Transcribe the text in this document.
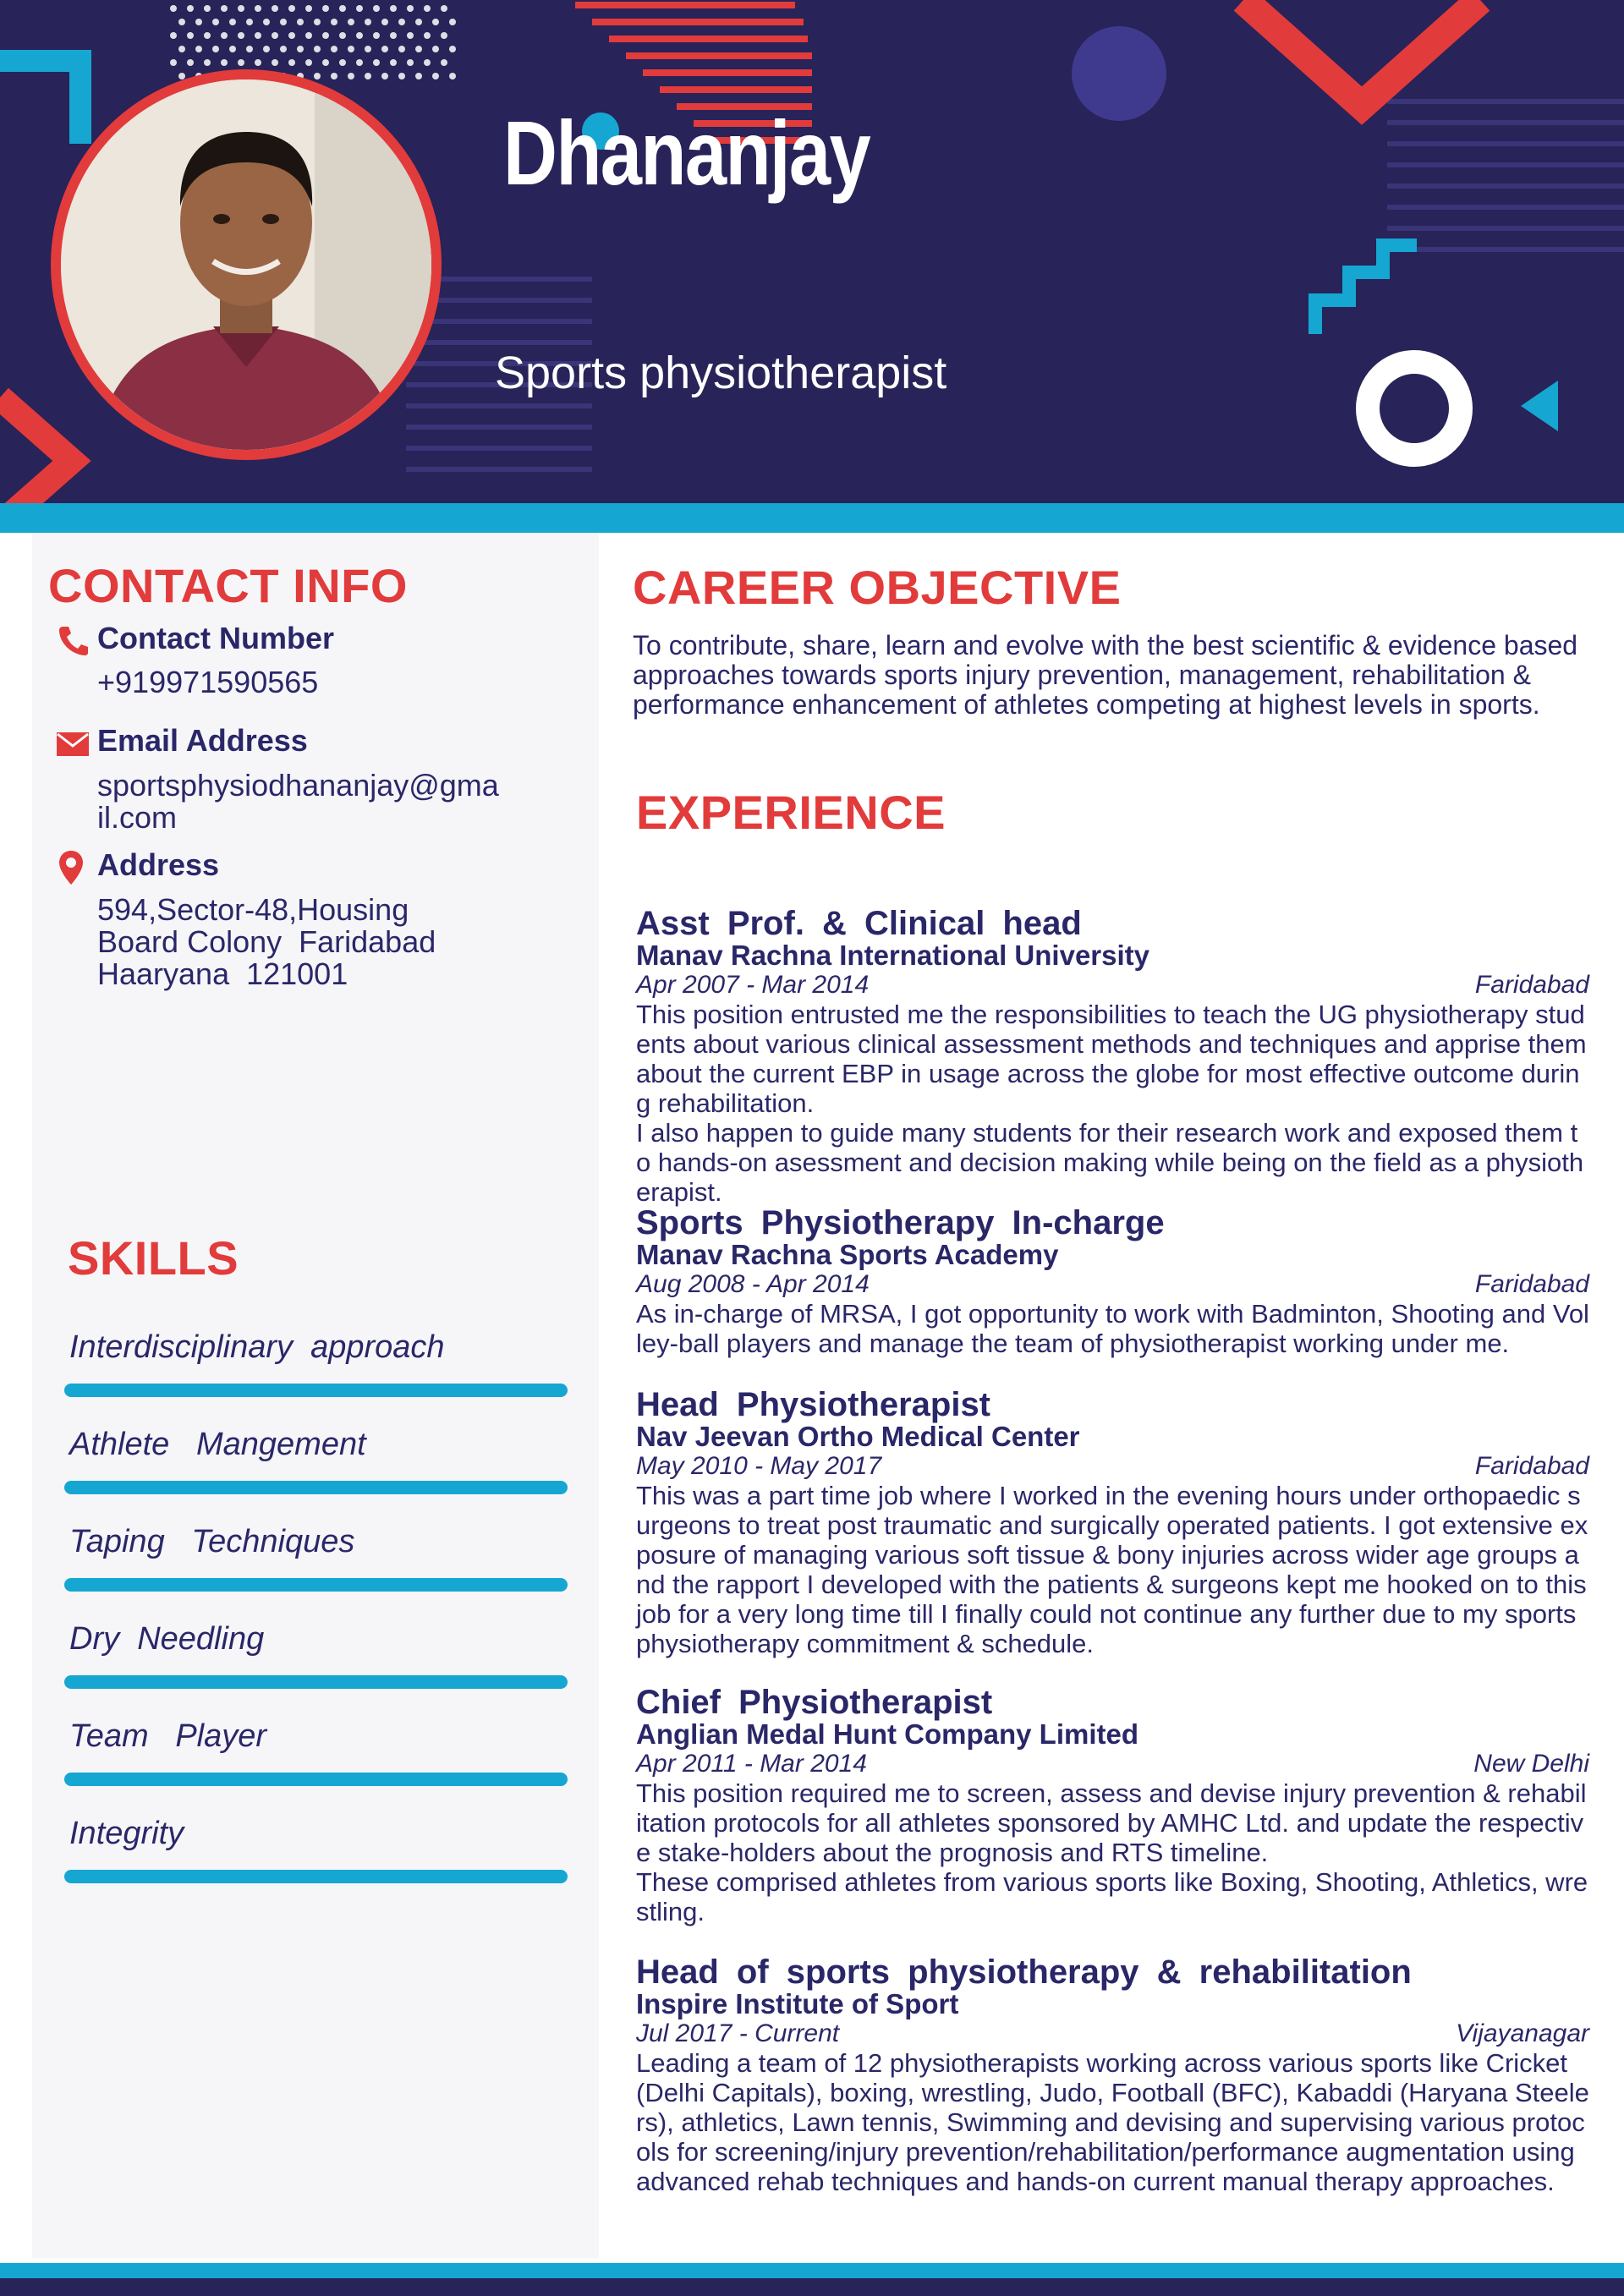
Dhananjay
Sports physiotherapist
CONTACT INFO
Contact Number
+919971590565
Email Address
sportsphysiodhananjay@gma
il.com
Address
594,Sector-48,Housing
Board Colony  Faridabad
Haaryana  121001
SKILLS
Interdisciplinary  approach
Athlete   Mangement
Taping   Techniques
Dry  Needling
Team   Player
Integrity
CAREER OBJECTIVE
To contribute, share, learn and evolve with the best scientific & evidence based approaches towards sports injury prevention, management, rehabilitation & performance enhancement of athletes competing at highest levels in sports.
EXPERIENCE
Asst Prof. & Clinical head
Manav Rachna International University
Apr 2007 - Mar 2014	Faridabad
This position entrusted me the responsibilities to teach the UG physiotherapy students about various clinical assessment methods and techniques and apprise them about the current EBP in usage across the globe for most effective outcome during rehabilitation.
I also happen to guide many students for their research work and exposed them to hands-on asessment and decision making while being on the field as a physiotherapist.
Sports Physiotherapy In-charge
Manav Rachna Sports Academy
Aug 2008 - Apr 2014	Faridabad
As in-charge of MRSA, I got opportunity to work with Badminton, Shooting and Volley-ball players and manage the team of physiotherapist working under me.
Head Physiotherapist
Nav Jeevan Ortho Medical Center
May 2010 - May 2017	Faridabad
This was a part time job where I worked in the evening hours under orthopaedic surgeons to treat post traumatic and surgically operated patients. I got extensive exposure of managing various soft tissue & bony injuries across wider age groups and the rapport I developed with the patients & surgeons kept me hooked on to this job for a very long time till I finally could not continue any further due to my sports physiotherapy commitment & schedule.
Chief Physiotherapist
Anglian Medal Hunt Company Limited
Apr 2011 - Mar 2014	New Delhi
This position required me to screen, assess and devise injury prevention & rehabilitation protocols for all athletes sponsored by AMHC Ltd. and update the respective stake-holders about the prognosis and RTS timeline.
These comprised athletes from various sports like Boxing, Shooting, Athletics, wrestling.
Head of sports physiotherapy & rehabilitation
Inspire Institute of Sport
Jul 2017 - Current	Vijayanagar
Leading a team of 12 physiotherapists working across various sports like Cricket (Delhi Capitals), boxing, wrestling, Judo, Football (BFC), Kabaddi (Haryana Steelers), athletics, Lawn tennis, Swimming and devising and supervising various protocols for screening/injury prevention/rehabilitation/performance augmentation using advanced rehab techniques and hands-on current manual therapy approaches.
